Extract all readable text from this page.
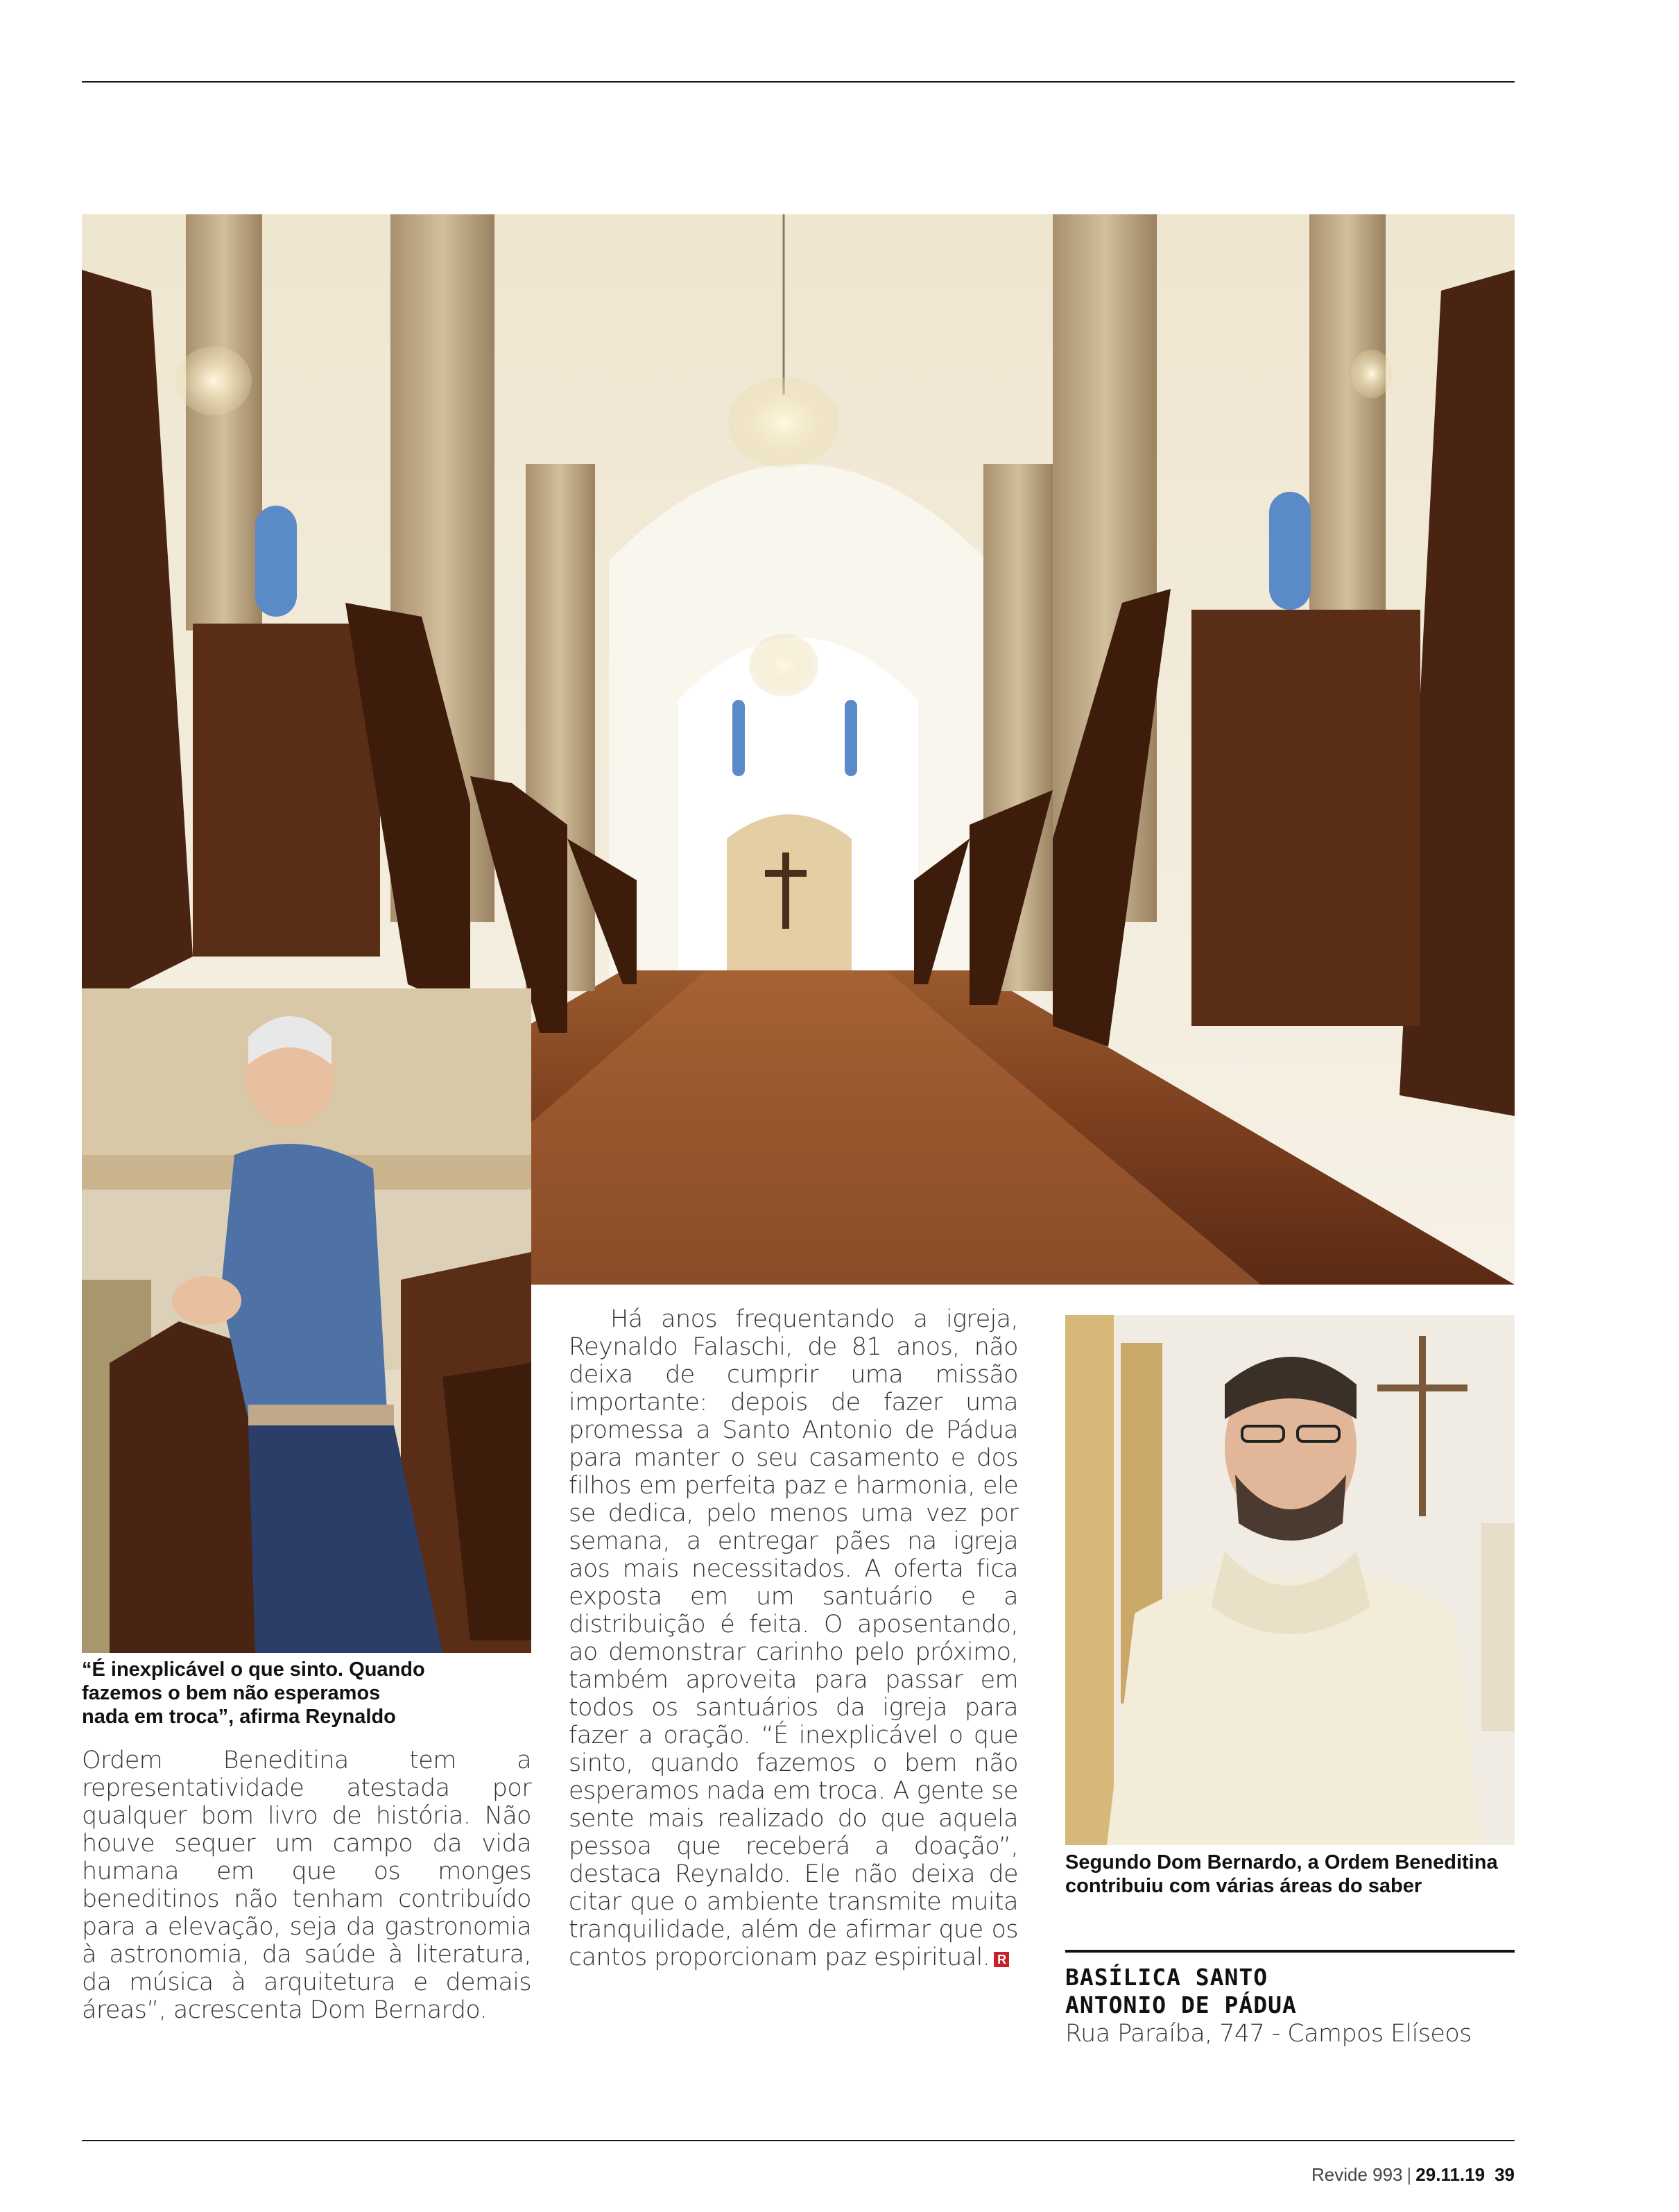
“É inexplicável o que sinto. Quando
fazemos o bem não esperamos
nada em troca”, afirma Reynaldo
Segundo Dom Bernardo, a Ordem Beneditina
contribuiu com várias áreas do saber

Ordem Beneditina tem a representatividade atestada por qualquer bom livro de história. Não houve sequer um campo da vida humana em que os monges beneditinos não tenham contribuído para a elevação, seja da gastronomia à astronomia, da saúde à literatura, da música à arquitetura e demais áreas”, acrescenta Dom Bernardo.

Há anos frequentando a igreja, Reynaldo Falaschi, de 81 anos, não deixa de cumprir uma missão importante: depois de fazer uma promessa a Santo Antonio de Pádua para manter o seu casamento e dos filhos em perfeita paz e harmonia, ele se dedica, pelo menos uma vez por semana, a entregar pães na igreja aos mais necessitados. A oferta fica exposta em um santuário e a distribuição é feita. O aposentando, ao demonstrar carinho pelo próximo, também aproveita para passar em todos os santuários da igreja para fazer a oração. “É inexplicável o que sinto, quando fazemos o bem não esperamos nada em troca. A gente se sente mais realizado do que aquela pessoa que receberá a doação”, destaca Reynaldo. Ele não deixa de citar que o ambiente transmite muita tranquilidade, além de afirmar que os cantos proporcionam paz espiritual. R

BASÍLICA SANTO
ANTONIO DE PÁDUA
Rua Paraíba, 747 - Campos Elíseos
Revide 993 | 29.11.19 39
